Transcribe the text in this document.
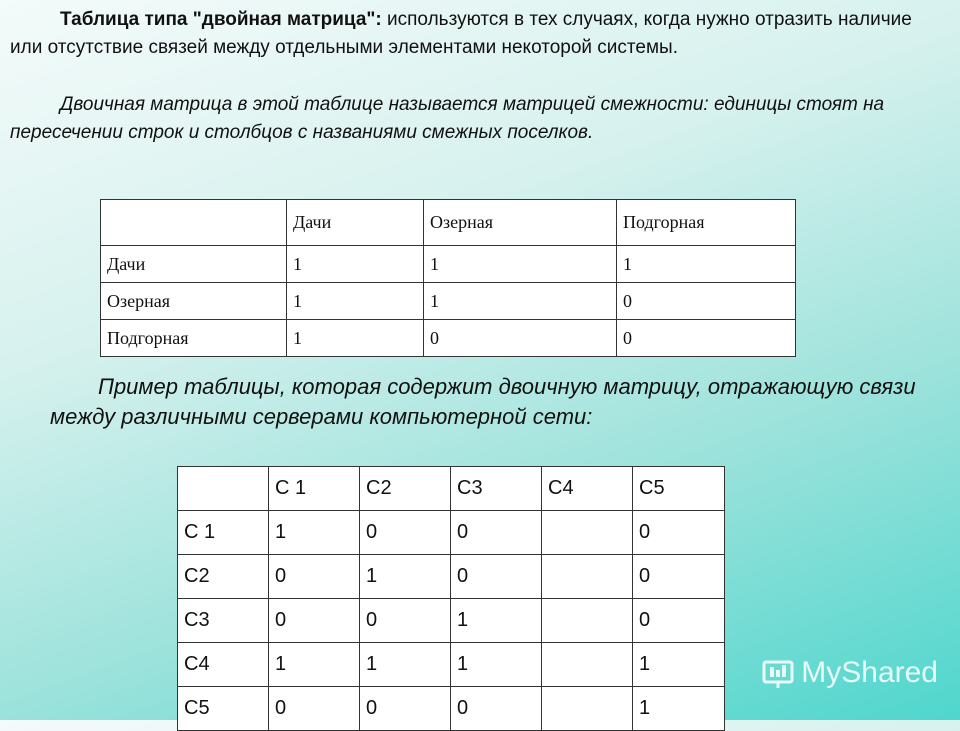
Таблица типа "двойная матрица": используются в тех случаях, когда нужно отразить наличие или отсутствие связей между отдельными элементами некоторой системы.

Двоичная матрица в этой таблице называется матрицей смежности: единицы стоят на пересечении строк и столбцов с названиями смежных поселков.

	Дачи	Озерная	Подгорная
Дачи	1	1	1
Озерная	1	1	0
Подгорная	1	0	0

Пример таблицы, которая содержит двоичную матрицу, отражающую связи между различными серверами компьютерной сети:

	С 1	С2	С3	С4	С5
С 1	1	0	0		0
С2	0	1	0		0
С3	0	0	1		0
С4	1	1	1		1
С5	0	0	0		1
MyShared
